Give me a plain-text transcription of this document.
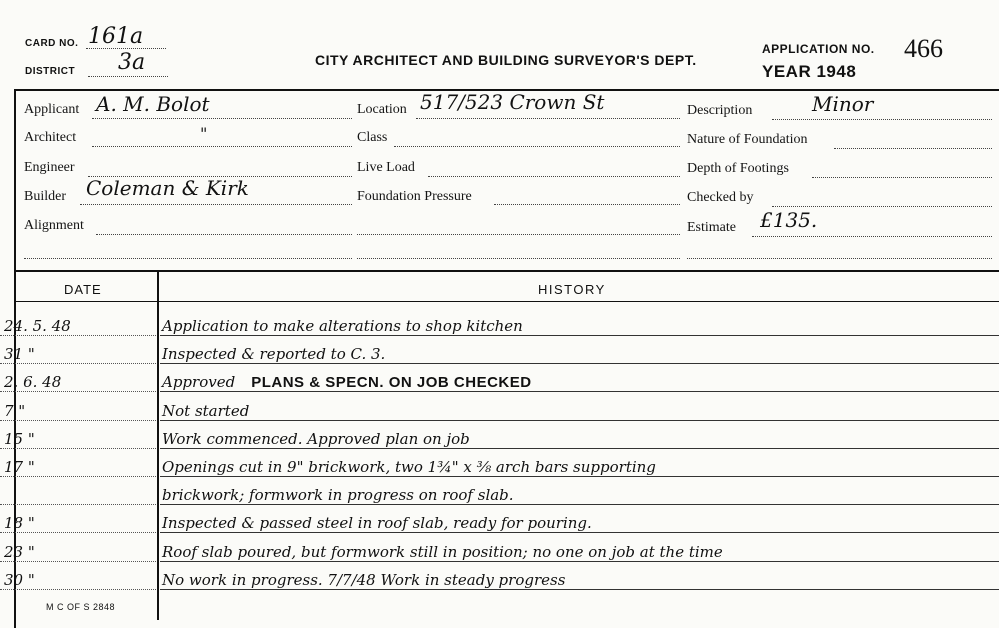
CARD NO. 161a
DISTRICT 3a	CITY ARCHITECT AND BUILDING SURVEYOR'S DEPT.
APPLICATION NO. 466
YEAR 1948
Applicant A. M. Bolot
Architect	"
Engineer
Builder Coleman & Kirk
Alignment
Location 517/523 Crown St
Class
Live Load
Foundation Pressure
Description	Minor
Nature of Foundation
Depth of Footings
Checked by
Estimate £135.
DATE	HISTORY
24. 5. 48	Application to make alterations to shop kitchen
31 "	Inspected & reported to C. 3.
2. 6. 48	Approved PLANS & SPECN. ON JOB CHECKED
7 "	Not started
15 "	Work commenced. Approved plan on job
17 "	Openings cut in 9" brickwork, two 1¾" x ⅜ arch bars supporting
brickwork; formwork in progress on roof slab.
18 "	Inspected & passed steel in roof slab, ready for pouring.
23 "	Roof slab poured, but formwork still in position; no one on job at the time
30 "	No work in progress. 7/7/48 Work in steady progress
M C OF S 2848
